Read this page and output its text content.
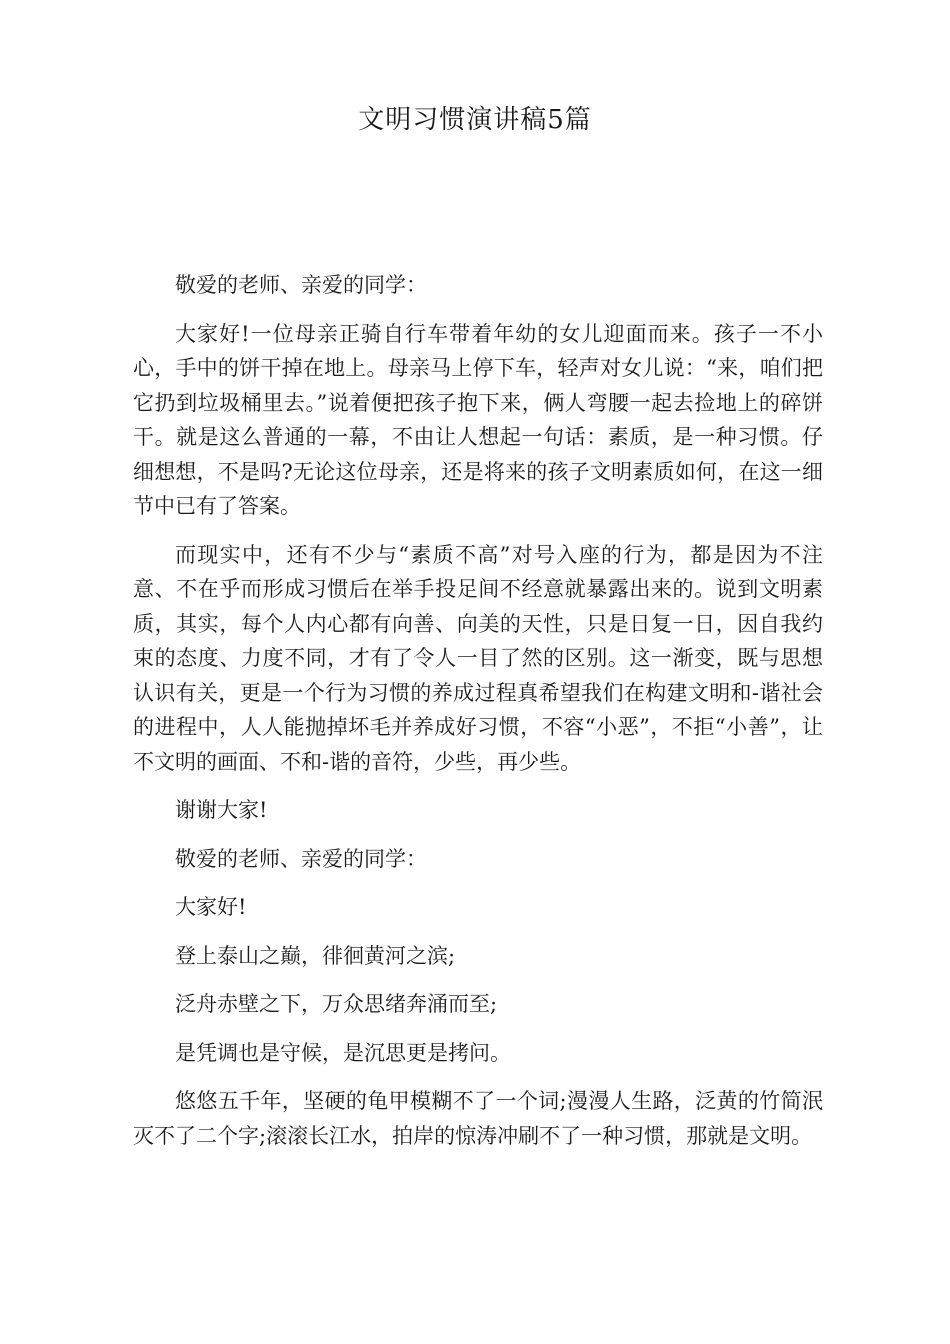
文明习惯演讲稿5篇

敬爱的老师、亲爱的同学：

大家好!一位母亲正骑自行车带着年幼的女儿迎面而来。孩子一不小心，手中的饼干掉在地上。母亲马上停下车，轻声对女儿说：“来，咱们把它扔到垃圾桶里去。”说着便把孩子抱下来，俩人弯腰一起去捡地上的碎饼干。就是这么普通的一幕，不由让人想起一句话：素质，是一种习惯。仔细想想，不是吗?无论这位母亲，还是将来的孩子文明素质如何，在这一细节中已有了答案。

而现实中，还有不少与“素质不高”对号入座的行为，都是因为不注意、不在乎而形成习惯后在举手投足间不经意就暴露出来的。说到文明素质，其实，每个人内心都有向善、向美的天性，只是日复一日，因自我约束的态度、力度不同，才有了令人一目了然的区别。这一渐变，既与思想认识有关，更是一个行为习惯的养成过程真希望我们在构建文明和-谐社会的进程中，人人能抛掉坏毛并养成好习惯，不容“小恶”，不拒“小善”，让不文明的画面、不和-谐的音符，少些，再少些。

谢谢大家!

敬爱的老师、亲爱的同学：

大家好!

登上泰山之巅，徘徊黄河之滨;

泛舟赤壁之下，万众思绪奔涌而至;

是凭调也是守候，是沉思更是拷问。

悠悠五千年，坚硬的龟甲模糊不了一个词;漫漫人生路，泛黄的竹简泯灭不了二个字;滚滚长江水，拍岸的惊涛冲刷不了一种习惯，那就是文明。
